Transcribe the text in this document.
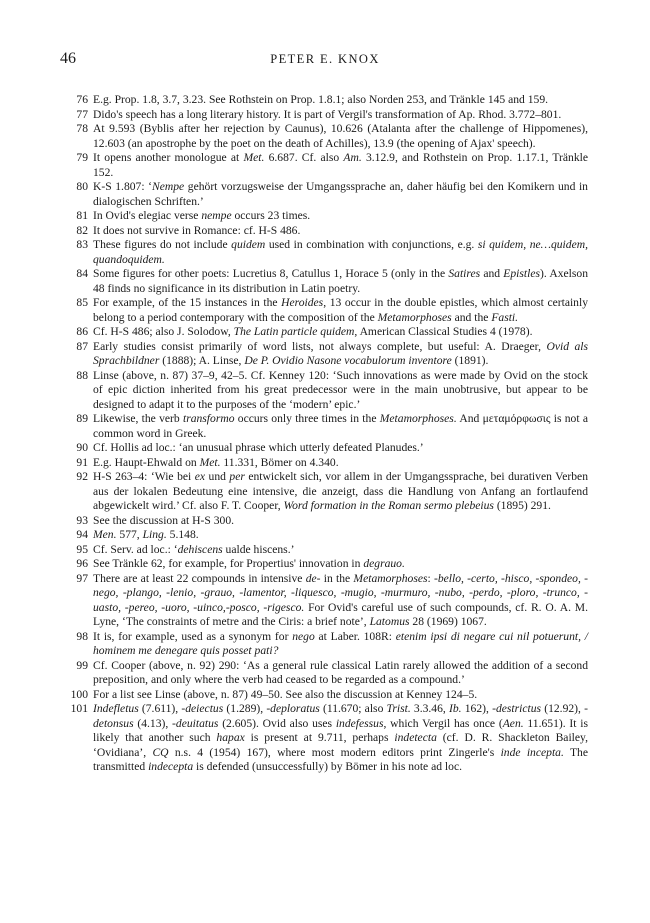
46	PETER E. KNOX
76 E.g. Prop. 1.8, 3.7, 3.23. See Rothstein on Prop. 1.8.1; also Norden 253, and Tränkle 145 and 159.
77 Dido's speech has a long literary history. It is part of Vergil's transformation of Ap. Rhod. 3.772–801.
78 At 9.593 (Byblis after her rejection by Caunus), 10.626 (Atalanta after the challenge of Hippomenes), 12.603 (an apostrophe by the poet on the death of Achilles), 13.9 (the opening of Ajax' speech).
79 It opens another monologue at Met. 6.687. Cf. also Am. 3.12.9, and Rothstein on Prop. 1.17.1, Tränkle 152.
80 K-S 1.807: ‘Nempe gehört vorzugsweise der Umgangssprache an, daher häufig bei den Komikern und in dialogischen Schriften.’
81 In Ovid's elegiac verse nempe occurs 23 times.
82 It does not survive in Romance: cf. H-S 486.
83 These figures do not include quidem used in combination with conjunctions, e.g. si quidem, ne…quidem, quandoquidem.
84 Some figures for other poets: Lucretius 8, Catullus 1, Horace 5 (only in the Satires and Epistles). Axelson 48 finds no significance in its distribution in Latin poetry.
85 For example, of the 15 instances in the Heroides, 13 occur in the double epistles, which almost certainly belong to a period contemporary with the composition of the Metamorphoses and the Fasti.
86 Cf. H-S 486; also J. Solodow, The Latin particle quidem, American Classical Studies 4 (1978).
87 Early studies consist primarily of word lists, not always complete, but useful: A. Draeger, Ovid als Sprachbildner (1888); A. Linse, De P. Ovidio Nasone vocabulorum inventore (1891).
88 Linse (above, n. 87) 37–9, 42–5. Cf. Kenney 120: ‘Such innovations as were made by Ovid on the stock of epic diction inherited from his great predecessor were in the main unobtrusive, but appear to be designed to adapt it to the purposes of the ‘modern’ epic.’
89 Likewise, the verb transformo occurs only three times in the Metamorphoses. And μεταμόρφωσις is not a common word in Greek.
90 Cf. Hollis ad loc.: ‘an unusual phrase which utterly defeated Planudes.’
91 E.g. Haupt-Ehwald on Met. 11.331, Bömer on 4.340.
92 H-S 263–4: ‘Wie bei ex und per entwickelt sich, vor allem in der Umgangssprache, bei durativen Verben aus der lokalen Bedeutung eine intensive, die anzeigt, dass die Handlung von Anfang an fortlaufend abgewickelt wird.’ Cf. also F. T. Cooper, Word formation in the Roman sermo plebeius (1895) 291.
93 See the discussion at H-S 300.
94 Men. 577, Ling. 5.148.
95 Cf. Serv. ad loc.: ‘dehiscens ualde hiscens.’
96 See Tränkle 62, for example, for Propertius' innovation in degrauo.
97 There are at least 22 compounds in intensive de- in the Metamorphoses: -bello, -certo, -hisco, -spondeo, -nego, -plango, -lenio, -grauo, -lamentor, -liquesco, -mugio, -murmuro, -nubo, -perdo, -ploro, -trunco, -uasto, -pereo, -uoro, -uinco,-posco, -rigesco. For Ovid's careful use of such compounds, cf. R. O. A. M. Lyne, ‘The constraints of metre and the Ciris: a brief note’, Latomus 28 (1969) 1067.
98 It is, for example, used as a synonym for nego at Laber. 108R: etenim ipsi di negare cui nil potuerunt, / hominem me denegare quis posset pati?
99 Cf. Cooper (above, n. 92) 290: ‘As a general rule classical Latin rarely allowed the addition of a second preposition, and only where the verb had ceased to be regarded as a compound.’
100 For a list see Linse (above, n. 87) 49–50. See also the discussion at Kenney 124–5.
101 Indefletus (7.611), -deiectus (1.289), -deploratus (11.670; also Trist. 3.3.46, Ib. 162), -destrictus (12.92), -detonsus (4.13), -deuitatus (2.605). Ovid also uses indefessus, which Vergil has once (Aen. 11.651). It is likely that another such hapax is present at 9.711, perhaps indetecta (cf. D. R. Shackleton Bailey, ‘Ovidiana’, CQ n.s. 4 (1954) 167), where most modern editors print Zingerle's inde incepta. The transmitted indecepta is defended (unsuccessfully) by Bömer in his note ad loc.
